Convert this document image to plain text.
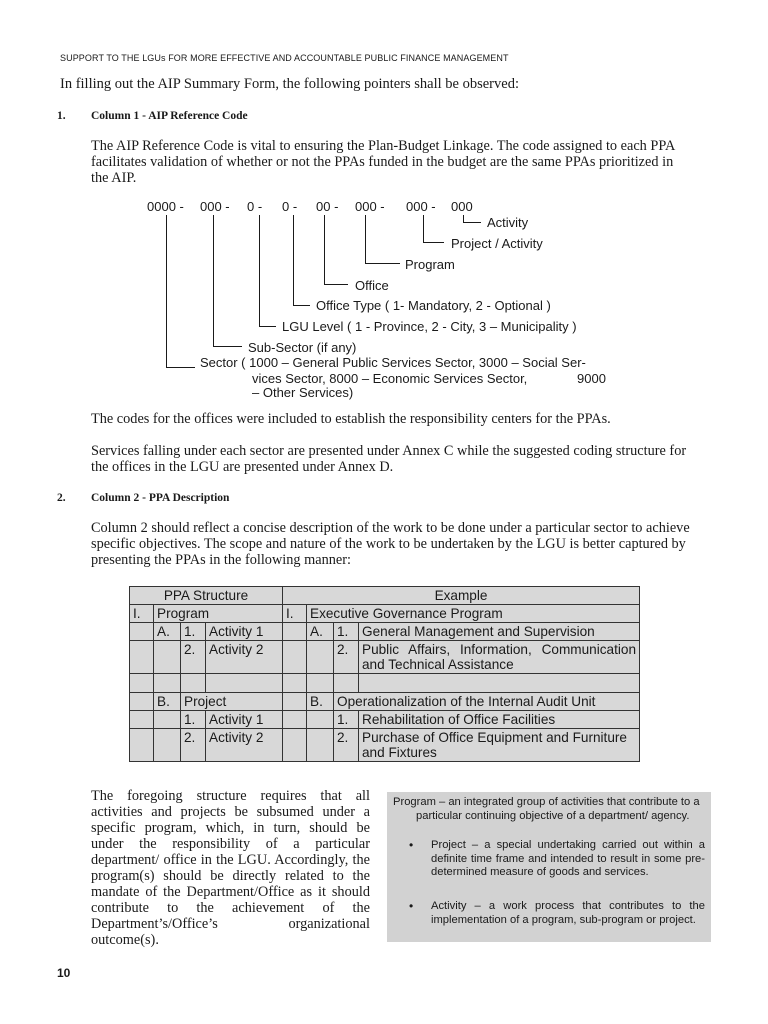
SUPPORT TO THE LGUs FOR MORE EFFECTIVE AND ACCOUNTABLE PUBLIC FINANCE MANAGEMENT
In filling out the AIP Summary Form, the following pointers shall be observed:
1. Column 1 - AIP Reference Code
The AIP Reference Code is vital to ensuring the Plan-Budget Linkage. The code assigned to each PPA
facilitates validation of whether or not the PPAs funded in the budget are the same PPAs prioritized in
the AIP.
0000 - 000 - 0 - 0 - 00 - 000 - 000 - 000
Activity
Project / Activity
Program
Office
Office Type ( 1- Mandatory, 2 - Optional )
LGU Level ( 1 - Province, 2 - City, 3 – Municipality )
Sub-Sector (if any)
Sector ( 1000 – General Public Services Sector, 3000 – Social Ser-
vices Sector, 8000 – Economic Services Sector,	9000
– Other Services)
The codes for the offices were included to establish the responsibility centers for the PPAs.
Services falling under each sector are presented under Annex C while the suggested coding structure for
the offices in the LGU are presented under Annex D.
2. Column 2 - PPA Description
Column 2 should reflect a concise description of the work to be done under a particular sector to achieve
specific objectives. The scope and nature of the work to be undertaken by the LGU is better captured by
presenting the PPAs in the following manner:
PPA Structure				Example			
I.	Program			I.	Executive Governance Program		
	A.	1.	Activity 1		A.	1.	General Management and Supervision
		2.	Activity 2			2.	Public Affairs, Information, Communication and Technical Assistance

	B.	Project			B.	Operationalization of the Internal Audit Unit	
		1.	Activity 1			1.	Rehabilitation of Office Facilities
		2.	Activity 2			2.	Purchase of Office Equipment and Furniture and Fixtures
The foregoing structure requires that all activities and projects be subsumed under a specific program, which, in turn, should be under the responsibility of a particular department/ office in the LGU. Accordingly, the program(s) should be directly related to the mandate of the Department/Office as it should contribute to the achievement of the Department’s/Office’s organizational outcome(s).
Program – an integrated group of activities that contribute to a particular continuing objective of a department/ agency.
• Project – a special undertaking carried out within a definite time frame and intended to result in some pre-determined measure of goods and services.
• Activity – a work process that contributes to the implementation of a program, sub-program or project.
10
